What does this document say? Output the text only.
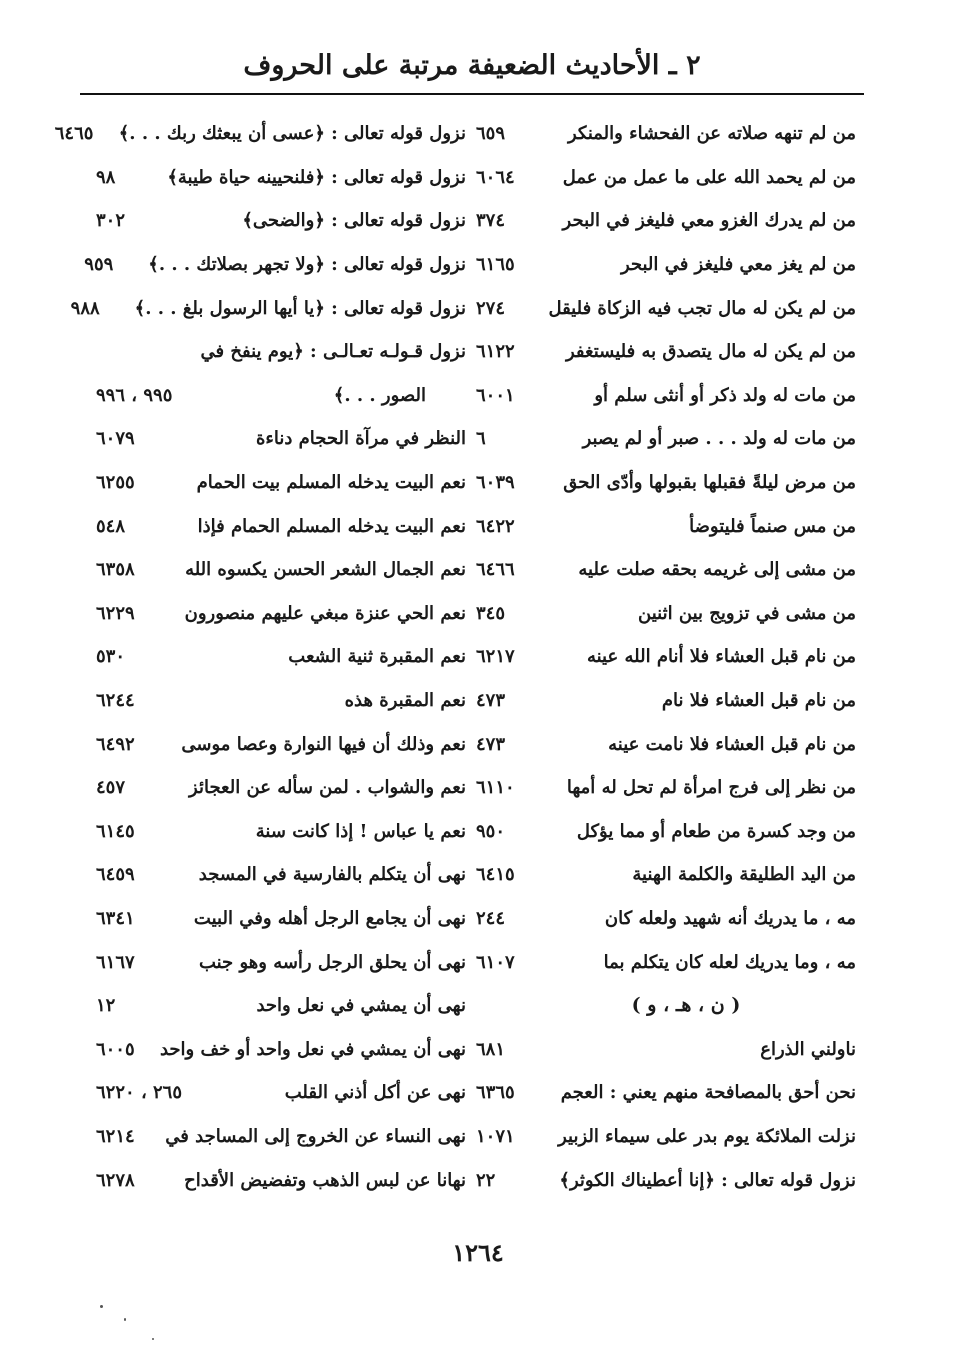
٢ ـ الأحاديث الضعيفة مرتبة على الحروف
من لم تنهه صلاته عن الفحشاء والمنكر
٦٥٩
من لم يحمد الله على ما عمل من عمل
٦٠٦٤
من لم يدرك الغزو معي فليغز في البحر
٣٧٤
من لم يغز معي فليغز في البحر
٦١٦٥
من لم يكن له مال تجب فيه الزكاة فليقل
٢٧٤
من لم يكن له مال يتصدق به فليستغفر
٦١٢٢
من مات له ولد ذكر أو أنثى سلم أو
٦٠٠١
من مات له ولد . . . صبر أو لم يصبر
٦
من مرض ليلةً فقبلها بقبولها وأدّى الحق
٦٠٣٩
من مس صنماً فليتوضأ
٦٤٢٢
من مشى إلى غريمه بحقه صلت عليه
٦٤٦٦
من مشى في تزويج بين اثنين
٣٤٥
من نام قبل العشاء فلا أنام الله عينه
٦٢١٧
من نام قبل العشاء فلا نام
٤٧٣
من نام قبل العشاء فلا نامت عينه
٤٧٣
من نظر إلى فرج امرأة لم تحل له أمها
٦١١٠
من وجد كسرة من طعام أو مما يؤكل
٩٥٠
من اليد الطليقة والكلمة الهنية
٦٤١٥
مه ، ما يدريك أنه شهيد ولعله كان
٢٤٤
مه ، وما يدريك لعله كان يتكلم بما
٦١٠٧
( ن ، هـ ، و )
ناولني الذراع
٦٨١
نحن أحق بالمصافحة منهم يعني : العجم
٦٣٦٥
نزلت الملائكة يوم بدر على سيماء الزبير
١٠٧١
نزول قوله تعالى : ﴿إنا أعطيناك الكوثر﴾
٢٢
نزول قوله تعالى : ﴿عسى أن يبعثك ربك . . .﴾
٦٤٦٥
نزول قوله تعالى : ﴿فلنحيينه حياة طيبة﴾
٩٨
نزول قوله تعالى : ﴿والضحى﴾
٣٠٢
نزول قوله تعالى : ﴿ولا تجهر بصلاتك . . .﴾
٩٥٩
نزول قوله تعالى : ﴿يا أيها الرسول بلغ . . .﴾
٩٨٨
نزول قـولـه تعـالـى : ﴿يوم ينفخ في
الصور . . .﴾
٩٩٥ ، ٩٩٦
النظر في مرآة الحجام دناءة
٦٠٧٩
نعم البيت يدخله المسلم بيت الحمام
٦٢٥٥
نعم البيت يدخله المسلم الحمام فإذا
٥٤٨
نعم الجمال الشعر الحسن يكسوه الله
٦٣٥٨
نعم الحي عنزة مبغي عليهم منصورون
٦٢٢٩
نعم المقبرة ثنية الشعب
٥٣٠
نعم المقبرة هذه
٦٢٤٤
نعم وذلك أن فيها النوارة وعصا موسى
٦٤٩٢
نعم والشواب . لمن سأله عن العجائز
٤٥٧
نعم يا عباس ! إذا كانت سنة
٦١٤٥
نهى أن يتكلم بالفارسية في المسجد
٦٤٥٩
نهى أن يجامع الرجل أهله وفي البيت
٦٣٤١
نهى أن يحلق الرجل رأسه وهو جنب
٦١٦٧
نهى أن يمشي في نعل واحد
١٢
نهى أن يمشي في نعل واحد أو خف واحد
٦٠٠٥
نهى عن أكل أذني القلب
٢٦٥ ، ٦٢٢٠
نهى النساء عن الخروج إلى المساجد في
٦٢١٤
نهانا عن لبس الذهب وتفضيض الأقداح
٦٢٧٨
١٢٦٤
